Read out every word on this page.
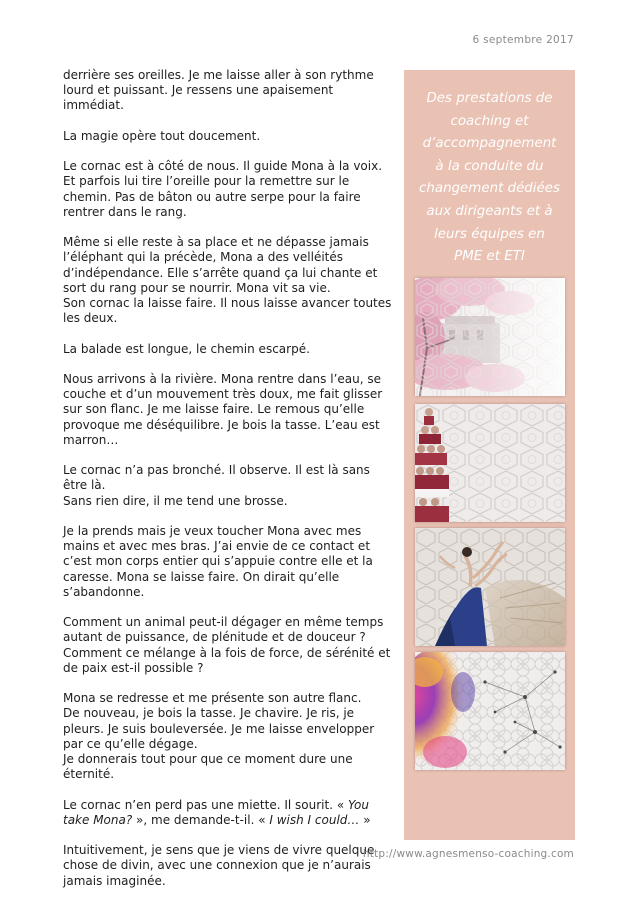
6 septembre 2017

derrière ses oreilles. Je me laisse aller à son rythme
lourd et puissant. Je ressens une apaisement
immédiat.

La magie opère tout doucement.

Le cornac est à côté de nous. Il guide Mona à la voix.
Et parfois lui tire l’oreille pour la remettre sur le
chemin. Pas de bâton ou autre serpe pour la faire
rentrer dans le rang.

Même si elle reste à sa place et ne dépasse jamais
l’éléphant qui la précède, Mona a des velléités
d’indépendance. Elle s’arrête quand ça lui chante et
sort du rang pour se nourrir. Mona vit sa vie.
Son cornac la laisse faire. Il nous laisse avancer toutes
les deux.

La balade est longue, le chemin escarpé.

Nous arrivons à la rivière. Mona rentre dans l’eau, se
couche et d’un mouvement très doux, me fait glisser
sur son flanc. Je me laisse faire. Le remous qu’elle
provoque me déséquilibre. Je bois la tasse. L’eau est
marron…

Le cornac n’a pas bronché. Il observe. Il est là sans
être là.
Sans rien dire, il me tend une brosse.

Je la prends mais je veux toucher Mona avec mes
mains et avec mes bras. J’ai envie de ce contact et
c’est mon corps entier qui s’appuie contre elle et la
caresse. Mona se laisse faire. On dirait qu’elle
s’abandonne.

Comment un animal peut-il dégager en même temps
autant de puissance, de plénitude et de douceur ?
Comment ce mélange à la fois de force, de sérénité et
de paix est-il possible ?

Mona se redresse et me présente son autre flanc.
De nouveau, je bois la tasse. Je chavire. Je ris, je
pleurs. Je suis bouleversée. Je me laisse envelopper
par ce qu’elle dégage.
Je donnerais tout pour que ce moment dure une
éternité.

Le cornac n’en perd pas une miette. Il sourit. « You
take Mona? », me demande-t-il. « I wish I could… »

Intuitivement, je sens que je viens de vivre quelque
chose de divin, avec une connexion que je n’aurais
jamais imaginée.

Des prestations de
coaching et
d’accompagnement
à la conduite du
changement dédiées
aux dirigeants et à
leurs équipes en
PME et ETI
http://www.agnesmenso-coaching.com
